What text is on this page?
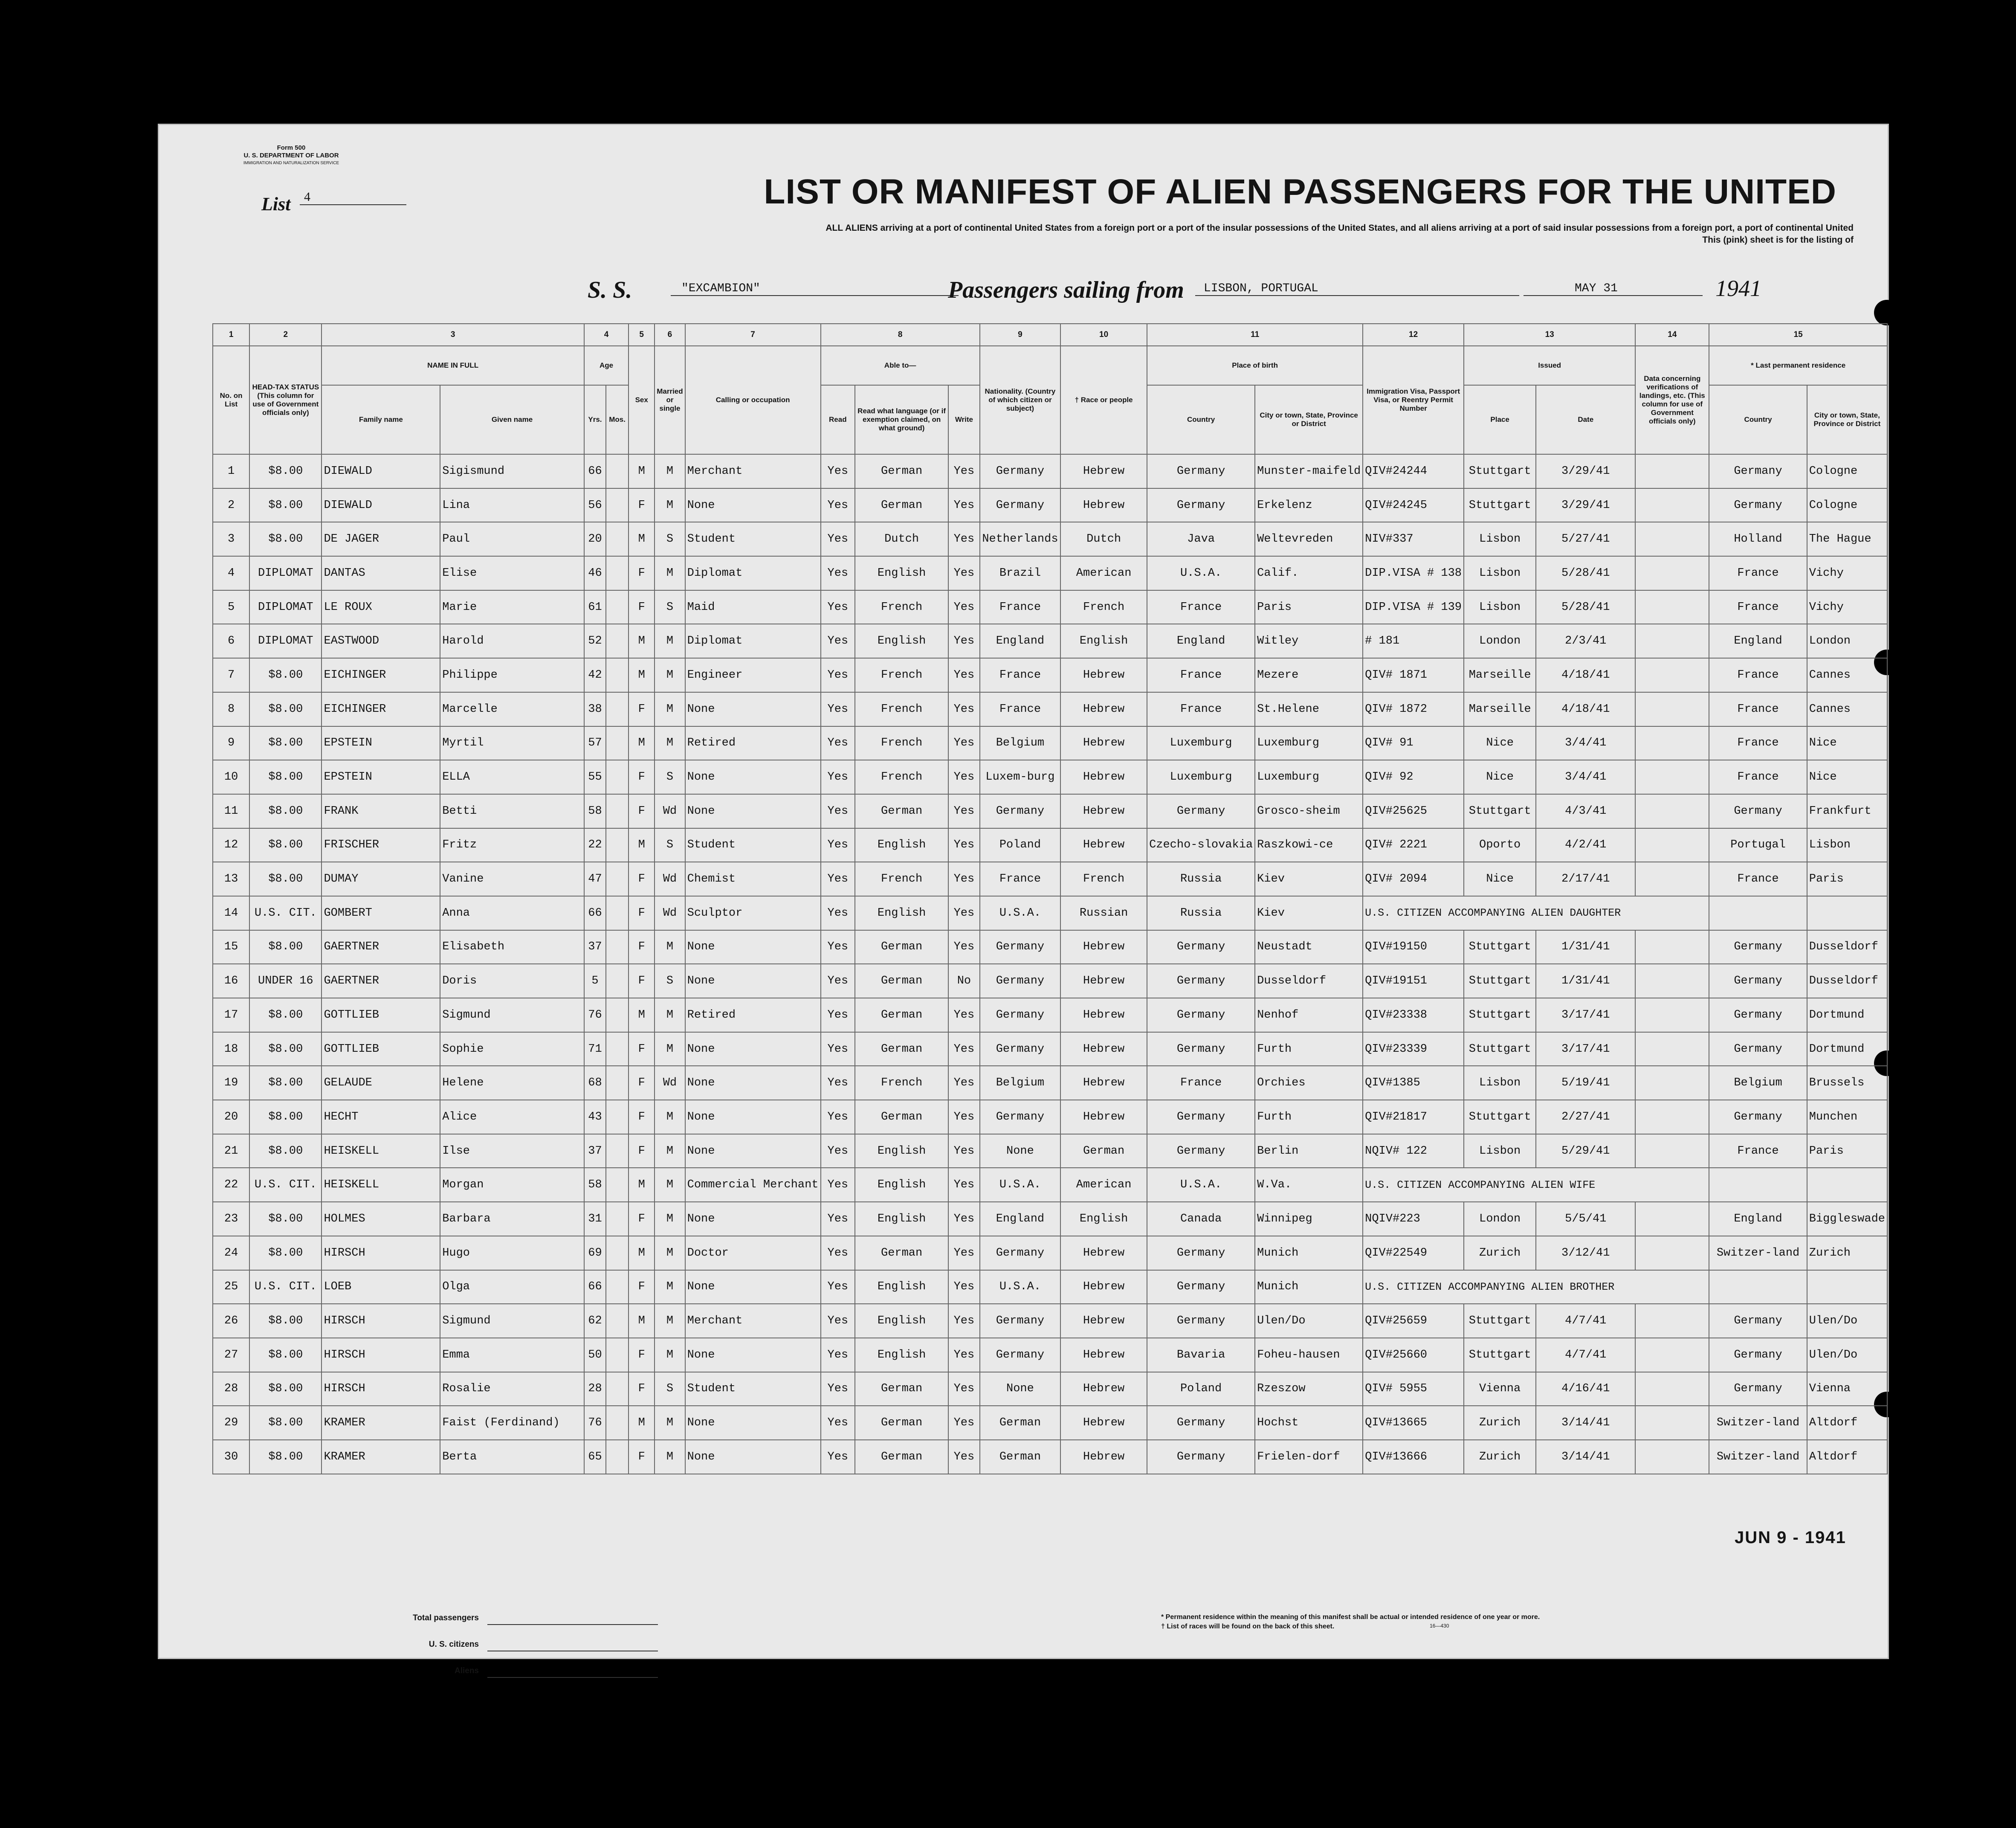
Form 500
U. S. DEPARTMENT OF LABOR
IMMIGRATION AND NATURALIZATION SERVICE
List	4	LIST OR MANIFEST OF ALIEN PASSENGERS FOR THE UNITED
ALL ALIENS arriving at a port of continental United States from a foreign port or a port of the insular possessions of the United States, and all aliens arriving at a port of said insular possessions from a foreign port, a port of continental United
This (pink) sheet is for the listing of
S. S.	"EXCAMBION"	Passengers sailing from	LISBON, PORTUGAL	MAY 31	1941
1	2	3		4		5	6	7	8			9	10	11		12	13		14	15	
No. on List	HEAD-TAX STATUS (This column for use of Government officials only)	NAME IN FULL		Age		Sex	Married or single	Calling or occupation	Able to—			Nationality. (Country of which citizen or subject)	† Race or people	Place of birth		Immigration Visa, Passport Visa, or Reentry Permit Number	Issued		Data concerning verifications of landings, etc. (This column for use of Government officials only)	* Last permanent residence	
		Family name	Given name	Yrs.	Mos.				Read	Read what language (or if exemption claimed, on what ground)	Write			Country	City or town, State, Province or District		Place	Date		Country	City or town, State, Province or District
1	$8.00	DIEWALD	Sigismund	66		M	M	Merchant	Yes	German	Yes	Germany	Hebrew	Germany	Munster-maifeld	QIV#24244	Stuttgart	3/29/41		Germany	Cologne
2	$8.00	DIEWALD	Lina	56		F	M	None	Yes	German	Yes	Germany	Hebrew	Germany	Erkelenz	QIV#24245	Stuttgart	3/29/41		Germany	Cologne
3	$8.00	DE JAGER	Paul	20		M	S	Student	Yes	Dutch	Yes	Netherlands	Dutch	Java	Weltevreden	NIV#337	Lisbon	5/27/41		Holland	The Hague
4	DIPLOMAT	DANTAS	Elise	46		F	M	Diplomat	Yes	English	Yes	Brazil	American	U.S.A.	Calif.	DIP.VISA # 138	Lisbon	5/28/41		France	Vichy
5	DIPLOMAT	LE ROUX	Marie	61		F	S	Maid	Yes	French	Yes	France	French	France	Paris	DIP.VISA # 139	Lisbon	5/28/41		France	Vichy
6	DIPLOMAT	EASTWOOD	Harold	52		M	M	Diplomat	Yes	English	Yes	England	English	England	Witley	# 181	London	2/3/41		England	London
7	$8.00	EICHINGER	Philippe	42		M	M	Engineer	Yes	French	Yes	France	Hebrew	France	Mezere	QIV# 1871	Marseille	4/18/41		France	Cannes
8	$8.00	EICHINGER	Marcelle	38		F	M	None	Yes	French	Yes	France	Hebrew	France	St.Helene	QIV# 1872	Marseille	4/18/41		France	Cannes
9	$8.00	EPSTEIN	Myrtil	57		M	M	Retired	Yes	French	Yes	Belgium	Hebrew	Luxemburg	Luxemburg	QIV# 91	Nice	3/4/41		France	Nice
10	$8.00	EPSTEIN	ELLA	55		F	S	None	Yes	French	Yes	Luxem-burg	Hebrew	Luxemburg	Luxemburg	QIV# 92	Nice	3/4/41		France	Nice
11	$8.00	FRANK	Betti	58		F	Wd	None	Yes	German	Yes	Germany	Hebrew	Germany	Grosco-sheim	QIV#25625	Stuttgart	4/3/41		Germany	Frankfurt
12	$8.00	FRISCHER	Fritz	22		M	S	Student	Yes	English	Yes	Poland	Hebrew	Czecho-slovakia	Raszkowi-ce	QIV# 2221	Oporto	4/2/41		Portugal	Lisbon
13	$8.00	DUMAY	Vanine	47		F	Wd	Chemist	Yes	French	Yes	France	French	Russia	Kiev	QIV# 2094	Nice	2/17/41		France	Paris
14	U.S. CIT.	GOMBERT	Anna	66		F	Wd	Sculptor	Yes	English	Yes	U.S.A.	Russian	Russia	Kiev	U.S. CITIZEN ACCOMPANYING ALIEN DAUGHTER					
15	$8.00	GAERTNER	Elisabeth	37		F	M	None	Yes	German	Yes	Germany	Hebrew	Germany	Neustadt	QIV#19150	Stuttgart	1/31/41		Germany	Dusseldorf
16	UNDER 16	GAERTNER	Doris	5		F	S	None	Yes	German	No	Germany	Hebrew	Germany	Dusseldorf	QIV#19151	Stuttgart	1/31/41		Germany	Dusseldorf
17	$8.00	GOTTLIEB	Sigmund	76		M	M	Retired	Yes	German	Yes	Germany	Hebrew	Germany	Nenhof	QIV#23338	Stuttgart	3/17/41		Germany	Dortmund
18	$8.00	GOTTLIEB	Sophie	71		F	M	None	Yes	German	Yes	Germany	Hebrew	Germany	Furth	QIV#23339	Stuttgart	3/17/41		Germany	Dortmund
19	$8.00	GELAUDE	Helene	68		F	Wd	None	Yes	French	Yes	Belgium	Hebrew	France	Orchies	QIV#1385	Lisbon	5/19/41		Belgium	Brussels
20	$8.00	HECHT	Alice	43		F	M	None	Yes	German	Yes	Germany	Hebrew	Germany	Furth	QIV#21817	Stuttgart	2/27/41		Germany	Munchen
21	$8.00	HEISKELL	Ilse	37		F	M	None	Yes	English	Yes	None	German	Germany	Berlin	NQIV# 122	Lisbon	5/29/41		France	Paris
22	U.S. CIT.	HEISKELL	Morgan	58		M	M	Commercial Merchant	Yes	English	Yes	U.S.A.	American	U.S.A.	W.Va.	U.S. CITIZEN ACCOMPANYING ALIEN WIFE					
23	$8.00	HOLMES	Barbara	31		F	M	None	Yes	English	Yes	England	English	Canada	Winnipeg	NQIV#223	London	5/5/41		England	Biggleswade
24	$8.00	HIRSCH	Hugo	69		M	M	Doctor	Yes	German	Yes	Germany	Hebrew	Germany	Munich	QIV#22549	Zurich	3/12/41		Switzer-land	Zurich
25	U.S. CIT.	LOEB	Olga	66		F	M	None	Yes	English	Yes	U.S.A.	Hebrew	Germany	Munich	U.S. CITIZEN ACCOMPANYING ALIEN BROTHER					
26	$8.00	HIRSCH	Sigmund	62		M	M	Merchant	Yes	English	Yes	Germany	Hebrew	Germany	Ulen/Do	QIV#25659	Stuttgart	4/7/41		Germany	Ulen/Do
27	$8.00	HIRSCH	Emma	50		F	M	None	Yes	English	Yes	Germany	Hebrew	Bavaria	Foheu-hausen	QIV#25660	Stuttgart	4/7/41		Germany	Ulen/Do
28	$8.00	HIRSCH	Rosalie	28		F	S	Student	Yes	German	Yes	None	Hebrew	Poland	Rzeszow	QIV# 5955	Vienna	4/16/41		Germany	Vienna
29	$8.00	KRAMER	Faist (Ferdinand)	76		M	M	None	Yes	German	Yes	German	Hebrew	Germany	Hochst	QIV#13665	Zurich	3/14/41		Switzer-land	Altdorf
30	$8.00	KRAMER	Berta	65		F	M	None	Yes	German	Yes	German	Hebrew	Germany	Frielen-dorf	QIV#13666	Zurich	3/14/41		Switzer-land	Altdorf
JUN 9 - 1941
Total passengers
U. S. citizens
Aliens
* Permanent residence within the meaning of this manifest shall be actual or intended residence of one year or more.
† List of races will be found on the back of this sheet.	16—430
